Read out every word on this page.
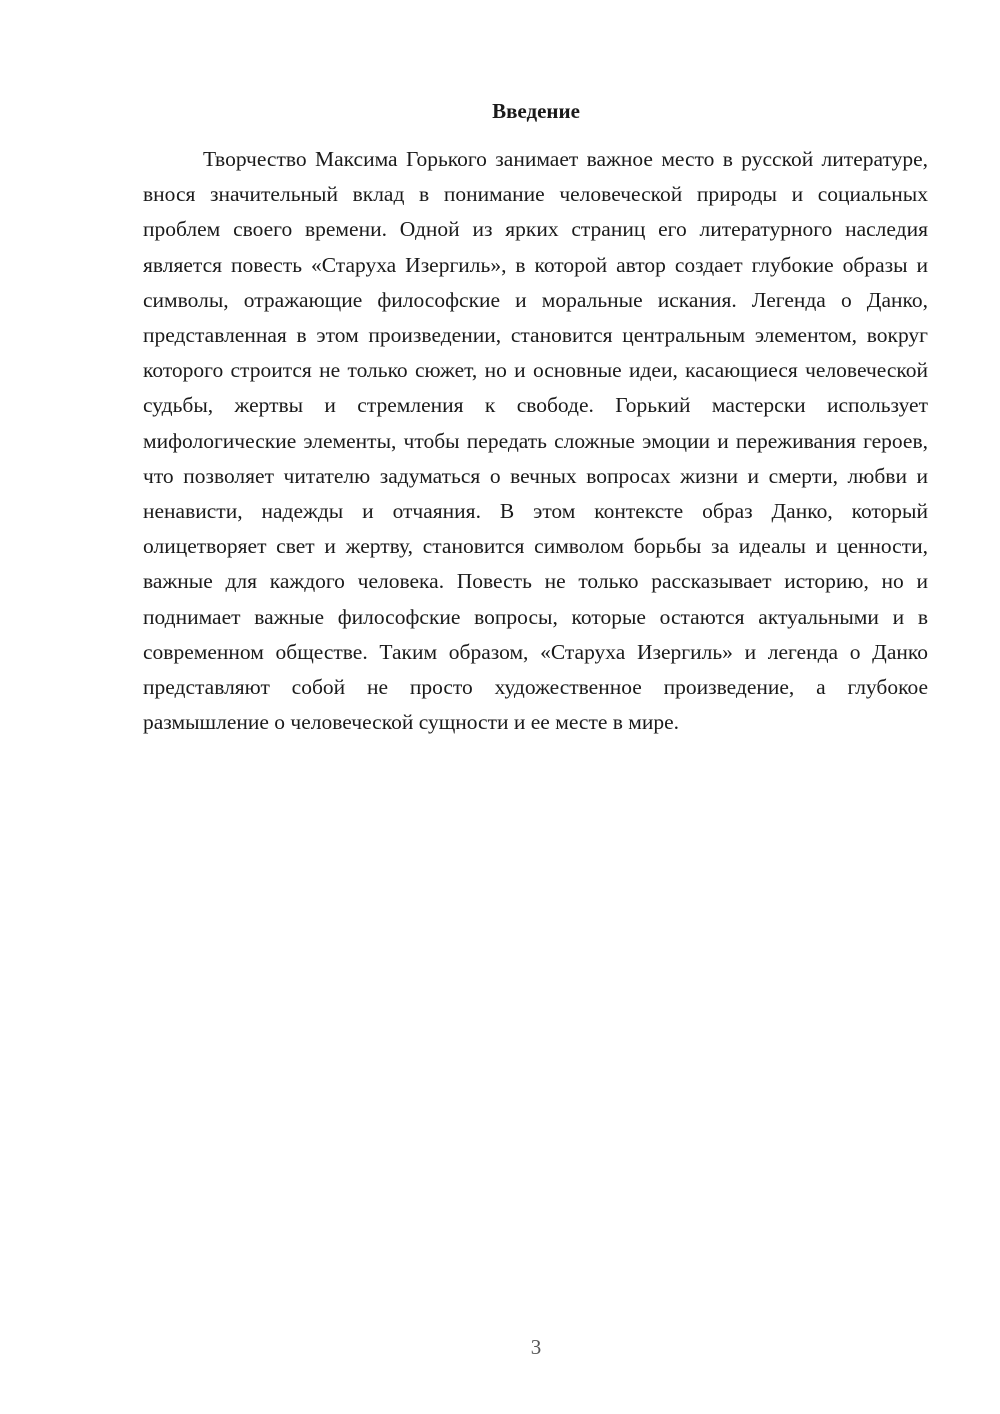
Введение

Творчество Максима Горького занимает важное место в русской литературе, внося значительный вклад в понимание человеческой природы и социальных проблем своего времени. Одной из ярких страниц его литературного наследия является повесть «Старуха Изергиль», в которой автор создает глубокие образы и символы, отражающие философские и моральные искания. Легенда о Данко, представленная в этом произведении, становится центральным элементом, вокруг которого строится не только сюжет, но и основные идеи, касающиеся человеческой судьбы, жертвы и стремления к свободе. Горький мастерски использует мифологические элементы, чтобы передать сложные эмоции и переживания героев, что позволяет читателю задуматься о вечных вопросах жизни и смерти, любви и ненависти, надежды и отчаяния. В этом контексте образ Данко, который олицетворяет свет и жертву, становится символом борьбы за идеалы и ценности, важные для каждого человека. Повесть не только рассказывает историю, но и поднимает важные философские вопросы, которые остаются актуальными и в современном обществе. Таким образом, «Старуха Изергиль» и легенда о Данко представляют собой не просто художественное произведение, а глубокое размышление о человеческой сущности и ее месте в мире.

3
